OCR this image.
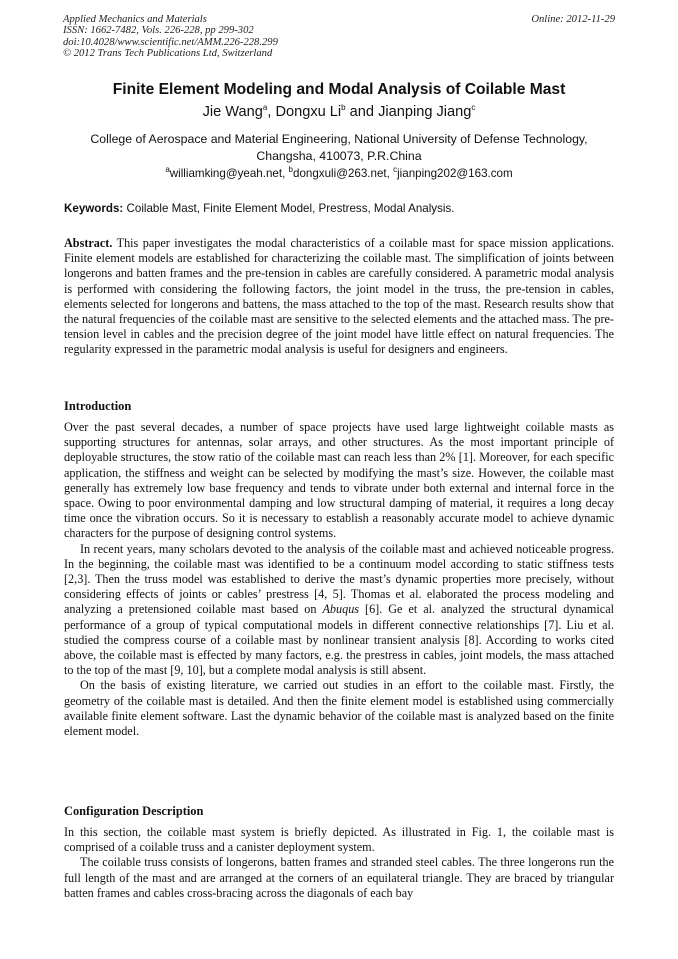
Applied Mechanics and Materials
ISSN: 1662-7482, Vols. 226-228, pp 299-302
doi:10.4028/www.scientific.net/AMM.226-228.299
© 2012 Trans Tech Publications Ltd, Switzerland
Online: 2012-11-29
Finite Element Modeling and Modal Analysis of Coilable Mast
Jie Wang$^a$, Dongxu Li$^b$ and Jianping Jiang$^c$
College of Aerospace and Material Engineering, National University of Defense Technology,
Changsha, 410073, P.R.China
$^a$williamking@yeah.net, $^b$dongxuli@263.net, $^c$jianping202@163.com
Keywords: Coilable Mast, Finite Element Model, Prestress, Modal Analysis.

Abstract. This paper investigates the modal characteristics of a coilable mast for space mission applications. Finite element models are established for characterizing the coilable mast. The simplification of joints between longerons and batten frames and the pre-tension in cables are carefully considered. A parametric modal analysis is performed with considering the following factors, the joint model in the truss, the pre-tension in cables, elements selected for longerons and battens, the mass attached to the top of the mast. Research results show that the natural frequencies of the coilable mast are sensitive to the selected elements and the attached mass. The pre-tension level in cables and the precision degree of the joint model have little effect on natural frequencies. The regularity expressed in the parametric modal analysis is useful for designers and engineers.

Introduction

Over the past several decades, a number of space projects have used large lightweight coilable masts as supporting structures for antennas, solar arrays, and other structures. As the most important principle of deployable structures, the stow ratio of the coilable mast can reach less than 2% [1]. Moreover, for each specific application, the stiffness and weight can be selected by modifying the mast’s size. However, the coilable mast generally has extremely low base frequency and tends to vibrate under both external and internal force in the space. Owing to poor environmental damping and low structural damping of material, it requires a long decay time once the vibration occurs. So it is necessary to establish a reasonably accurate model to achieve dynamic characters for the purpose of designing control systems.

In recent years, many scholars devoted to the analysis of the coilable mast and achieved noticeable progress. In the beginning, the coilable mast was identified to be a continuum model according to static stiffness tests [2,3]. Then the truss model was established to derive the mast’s dynamic properties more precisely, without considering effects of joints or cables’ prestress [4, 5]. Thomas et al. elaborated the process modeling and analyzing a pretensioned coilable mast based on Abuqus [6]. Ge et al. analyzed the structural dynamical performance of a group of typical computational models in different connective relationships [7]. Liu et al. studied the compress course of a coilable mast by nonlinear transient analysis [8]. According to works cited above, the coilable mast is effected by many factors, e.g. the prestress in cables, joint models, the mass attached to the top of the mast [9, 10], but a complete modal analysis is still absent.

On the basis of existing literature, we carried out studies in an effort to the coilable mast. Firstly, the geometry of the coilable mast is detailed. And then the finite element model is established using commercially available finite element software. Last the dynamic behavior of the coilable mast is analyzed based on the finite element model.

Configuration Description

In this section, the coilable mast system is briefly depicted. As illustrated in Fig. 1, the coilable mast is comprised of a coilable truss and a canister deployment system.

The coilable truss consists of longerons, batten frames and stranded steel cables. The three longerons run the full length of the mast and are arranged at the corners of an equilateral triangle. They are braced by triangular batten frames and cables cross-bracing across the diagonals of each bay
